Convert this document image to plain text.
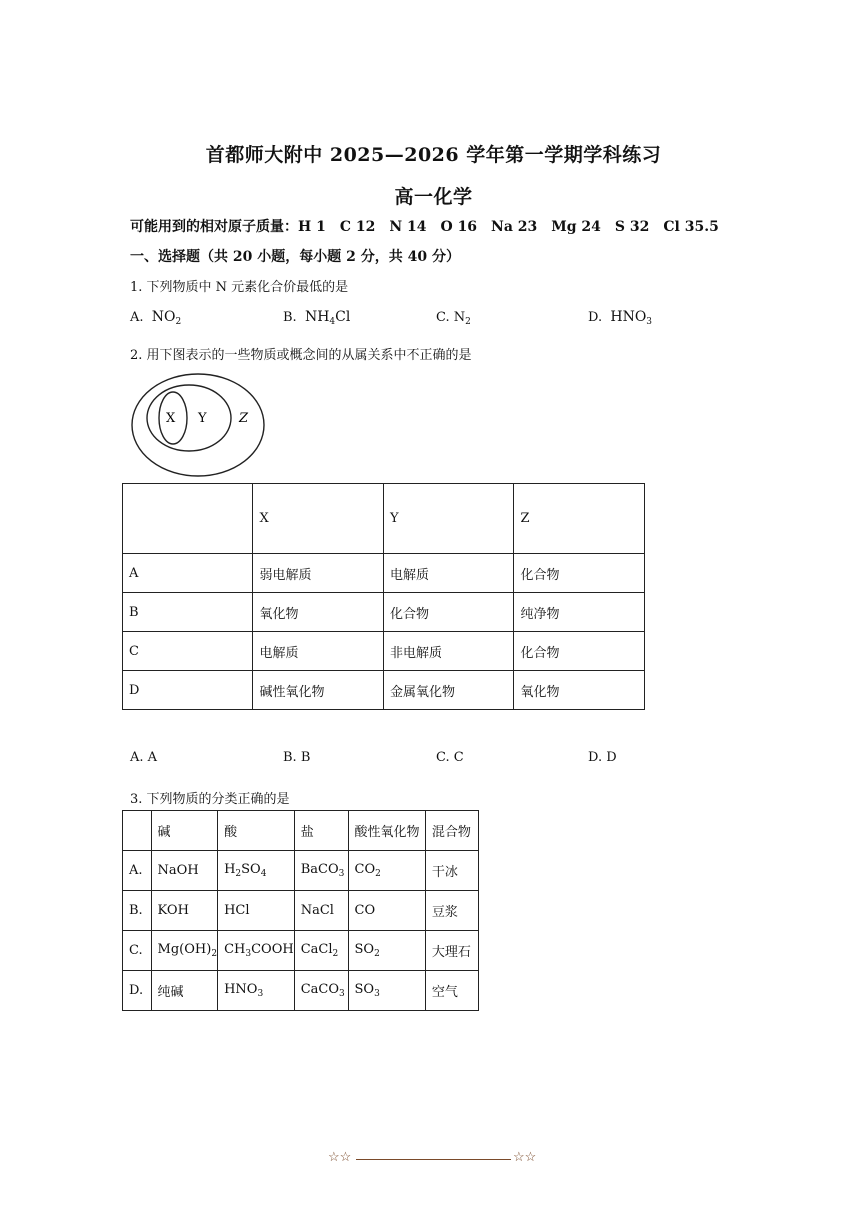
首都师大附中 2025—2026 学年第一学期学科练习
高一化学
可能用到的相对原子质量：H 1　C 12　N 14　O 16　Na 23　Mg 24　S 32　Cl 35.5
一、选择题（共 20 小题，每小题 2 分，共 40 分）
1. 下列物质中 N 元素化合价最低的是
A. $NO_2$	B. $NH_4Cl$	C. $N_2$	D. $HNO_3$
2. 用下图表示的一些物质或概念间的从属关系中不正确的是
X Y Z
	X	Y	Z
A	弱电解质	电解质	化合物
B	氧化物	化合物	纯净物
C	电解质	非电解质	化合物
D	碱性氧化物	金属氧化物	氧化物
A. A	B. B	C. C	D. D
3. 下列物质的分类正确的是
	碱	酸	盐	酸性氧化物	混合物
A.	NaOH	$H_2SO_4$	BaCO$_3$	$CO_2$	干冰
B.	KOH	HCl	NaCl	CO	豆浆
C.	$Mg(OH)_2$	$CH_3COOH$	CaCl$_2$	$SO_2$	大理石
D.	纯碱	$HNO_3$	CaCO$_3$	$SO_3$	空气
☆☆	☆☆
